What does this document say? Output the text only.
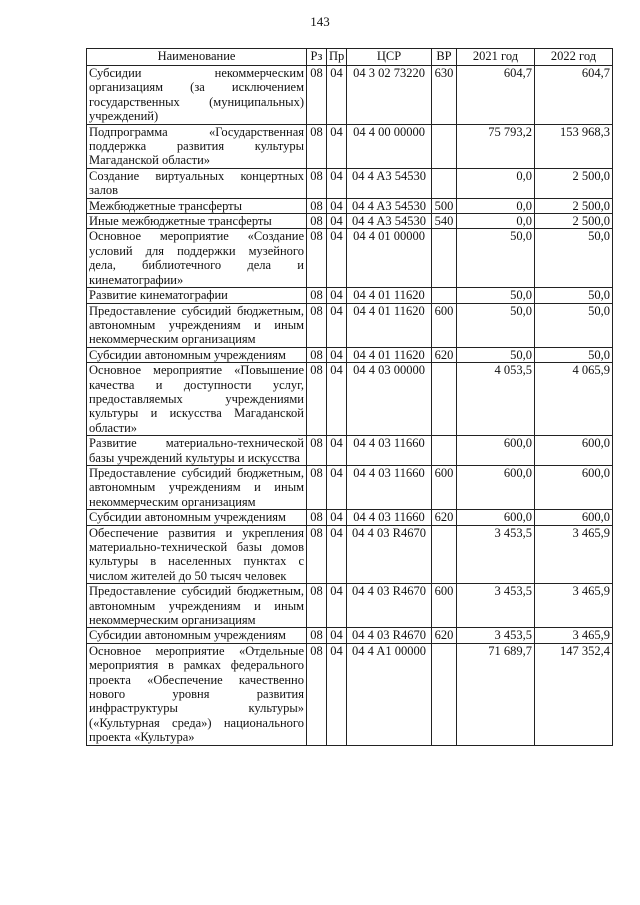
143
Наименование	Рз	Пр	ЦСР	ВР	2021 год	2022 год
Субсидии некоммерческим организациям (за исключением государственных (муниципальных) учреждений)	08	04	04 3 02 73220	630	604,7	604,7
Подпрограмма «Государственная поддержка развития культуры Магаданской области»	08	04	04 4 00 00000		75 793,2	153 968,3
Создание виртуальных концертных залов	08	04	04 4 A3 54530		0,0	2 500,0
Межбюджетные трансферты	08	04	04 4 A3 54530	500	0,0	2 500,0
Иные межбюджетные трансферты	08	04	04 4 A3 54530	540	0,0	2 500,0
Основное мероприятие «Создание условий для поддержки музейного дела, библиотечного дела и кинематографии»	08	04	04 4 01 00000		50,0	50,0
Развитие кинематографии	08	04	04 4 01 11620		50,0	50,0
Предоставление субсидий бюджетным, автономным учреждениям и иным некоммерческим организациям	08	04	04 4 01 11620	600	50,0	50,0
Субсидии автономным учреждениям	08	04	04 4 01 11620	620	50,0	50,0
Основное мероприятие «Повышение качества и доступности услуг, предоставляемых учреждениями культуры и искусства Магаданской области»	08	04	04 4 03 00000		4 053,5	4 065,9
Развитие материально-технической базы учреждений культуры и искусства	08	04	04 4 03 11660		600,0	600,0
Предоставление субсидий бюджетным, автономным учреждениям и иным некоммерческим организациям	08	04	04 4 03 11660	600	600,0	600,0
Субсидии автономным учреждениям	08	04	04 4 03 11660	620	600,0	600,0
Обеспечение развития и укрепления материально-технической базы домов культуры в населенных пунктах с числом жителей до 50 тысяч человек	08	04	04 4 03 R4670		3 453,5	3 465,9
Предоставление субсидий бюджетным, автономным учреждениям и иным некоммерческим организациям	08	04	04 4 03 R4670	600	3 453,5	3 465,9
Субсидии автономным учреждениям	08	04	04 4 03 R4670	620	3 453,5	3 465,9
Основное мероприятие «Отдельные мероприятия в рамках федерального проекта «Обеспечение качественно нового уровня развития инфраструктуры культуры» («Культурная среда») национального проекта «Культура»	08	04	04 4 A1 00000		71 689,7	147 352,4
